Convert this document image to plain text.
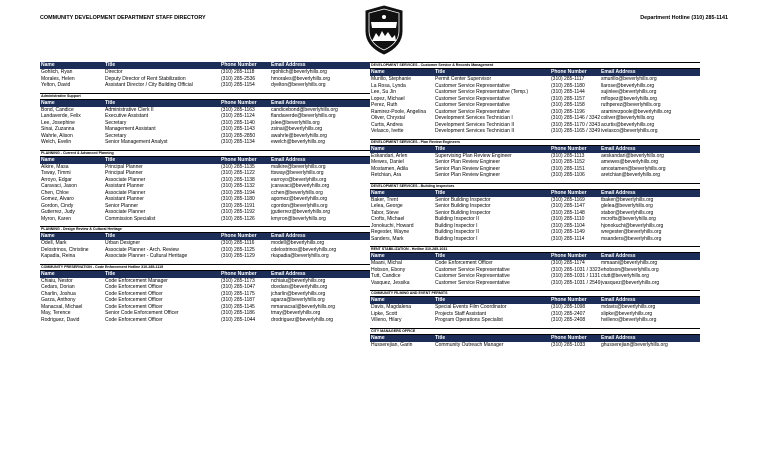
COMMUNITY DEVELOPMENT DEPARTMENT STAFF DIRECTORY	Department Hotline (310) 285-1141
Name	Title	Phone Number	Email Address
Gohlich, Ryan	Director	(310) 285-1118	rgohlich@beverlyhills.org
Morales, Helen	Deputy Director of Rent Stabilization	(310) 285-2536	hmorales@beverlyhills.org
Yelton, David	Assistant Director / City Building Official	(310) 285-1154	dyelton@beverlyhills.org
Administrative Support
Name	Title	Phone Number	Email Address
Bond, Candice	Administrative Clerk II	(310) 285-1163	candicebond@beverlyhills.org
Landaverde, Felix	Executive Assistant	(310) 285-1124	flandaverde@beverlyhills.org
Lee, Josephine	Secretary	(310) 285-1140	jslee@beverlyhills.org
Sinai, Zuzanna	Management Assistant	(310) 285-1143	zsinai@beverlyhills.org
Wahrle, Alison	Secretary	(310) 285-2850	awahrle@beverlyhills.org
Welch, Evelin	Senior Management Analyst	(310) 285-1134	ewelch@beverlyhills.org
PLANNING - Current & Advanced Planning
Name	Title	Phone Number	Email Address
Alkire, Masa	Principal Planner	(310) 285-1135	malkire@beverlyhills.org
Tsway, Timmi	Principal Planner	(310) 285-1122	ttsway@beverlyhills.org
Arroyo, Edgar	Associate Planner	(310) 285-1138	earroyo@beverlyhills.org
Caravaci, Jason	Assistant Planner	(310) 285-1132	jcaravaci@beverlyhills.org
Chen, Chloe	Associate Planner	(310) 285-1194	cchen@beverlyhills.org
Gomez, Alvaro	Assistant Planner	(310) 285-1180	agomez@beverlyhills.org
Gordon, Cindy	Senior Planner	(310) 285-1191	cgordon@beverlyhills.org
Gutierrez, Judy	Associate Planner	(310) 285-1192	jgutierrez@beverlyhills.org
Myron, Karen	Commission Specialist	(310) 285-1126	kmyron@beverlyhills.org
PLANNING - Design Review & Cultural Heritage
Name	Title	Phone Number	Email Address
Odell, Mark	Urban Designer	(310) 285-1116	modell@beverlyhills.org
Delostrinos, Christine	Associate Planner - Arch. Review	(310) 285-1125	cdelostrinos@beverlyhills.org
Kapadia, Reina	Associate Planner - Cultural Heritage	(310) 285-1129	rkapadia@beverlyhills.org
COMMUNITY PRESERVATION - Code Enforcement Hotline 310-285-1119
Name	Title	Phone Number	Email Address
Chiaiu, Nestor	Code Enforcement Manager	(310) 285-1173	nchiaiu@beverlyhills.org
Cedars, Dorian	Code Enforcement Officer	(310) 285-1047	dcedars@beverlyhills.org
Charlin, Joshua	Code Enforcement Officer	(310) 285-1175	jcharlin@beverlyhills.org
Garza, Anthony	Code Enforcement Officer	(310) 285-1187	agarza@beverlyhills.org
Manacsal, Michael	Code Enforcement Officer	(310) 285-1145	mmanacsal@beverlyhills.org
May, Terence	Senior Code Enforcement Officer	(310) 285-1186	tmay@beverlyhills.org
Rodriguez, David	Code Enforcement Officer	(310) 285-1044	drodriguez@beverlyhills.org
DEVELOPMENT SERVICES - Customer Service & Records Management
Name	Title	Phone Number	Email Address
Murillo, Stephanie	Permit Center Supervisor	(310) 285-1117	smurillo@beverlyhills.org
La Rosa, Lynda	Customer Service Representative	(310) 285-1180	llarose@beverlyhills.org
Lee, Su Jin	Customer Service Representative (Temp.)	(310) 285-1144	sujinlee@beverlyhills.org
Lopez, Michael	Customer Service Representative	(310) 285-1157	mflopez@beverlyhills.org
Perez, Ruth	Customer Service Representative	(310) 285-1158	ruthperez@beverlyhills.org
Ramirez-Poole, Angelina	Customer Service Representative	(310) 285-1196	aramirezpoole@beverlyhills.org
Oliver, Chrystal	Development Services Technician I	(310) 285-1146 / 3342 coliver@beverlyhills.org
Curtis, Andrea	Development Services Technician II	(310) 285-1170 / 3343 acurtis@beverlyhills.org
Velasco, Ivette	Development Services Technician II	(310) 285-1165 / 3349 ivelasco@beverlyhills.org
DEVELOPMENT SERVICES - Plan Review Engineers
Name	Title	Phone Number	Email Address
Eskandari, Arlen	Supervising Plan Review Engineer	(310) 285-1113	aeskandari@beverlyhills.org
Mewes, Daniel	Senior Plan Review Engineer	(310) 285-1152	amewes@beverlyhills.org
Mostamen, Adila	Senior Plan Review Engineer	(310) 285-1151	amostamen@beverlyhills.org
Retchian, Ara	Senior Plan Review Engineer	(310) 285-1106	aretchian@beverlyhills.org
DEVELOPMENT SERVICES - Building Inspectors
Name	Title	Phone Number	Email Address
Baker, Trent	Senior Building Inspector	(310) 285-1169	tbaker@beverlyhills.org
Lelea, George	Senior Building Inspector	(310) 285-1147	glelea@beverlyhills.org
Tabor, Steve	Senior Building Inspector	(310) 285-1148	stabor@beverlyhills.org
Crofts, Michael	Building Inspector II	(310) 285-1110	mcrofts@beverlyhills.org
Jonokuchi, Howard	Building Inspector I	(310) 285-1104	hjonokuchi@beverlyhills.org
Regester, Wayne	Building Inspector II	(310) 285-1149	wregester@beverlyhills.org
Sanders, Mark	Building Inspector I	(310) 285-1114	msanders@beverlyhills.org
RENT STABILIZATION - Hotline 310-285-1031
Name	Title	Phone Number	Email Address
Maani, Michal	Code Enforcement Officer	(310) 285-1174	mmaani@beverlyhills.org
Hobson, Ebony	Customer Service Representative	(310) 285-1031 / 3323 ehobson@beverlyhills.org
Tutt, Candice	Customer Service Representative	(310) 285-1031 / 1131 ctutt@beverlyhills.org
Vasquez, Jessika	Customer Service Representative	(310) 285-1031 / 2549 jvasquez@beverlyhills.org
COMMUNITY FILMING AND EVENT PERMITS
Name	Title	Phone Number	Email Address
Davis, Magdalena	Special Events Film Coordinator	(310) 285-1098	mdavis@beverlyhills.org
Lipke, Scott	Projects Staff Assistant	(310) 285-2407	slipke@beverlyhills.org
Villeno, Hilary	Program Operations Specialist	(310) 285-2408	hvilleno@beverlyhills.org
CITY MANAGERS OFFICE
Name	Title	Phone Number	Email Address
Husserejian, Garin	Community Outreach Manager	(310) 285-1033	ghusserejian@beverlyhills.org
